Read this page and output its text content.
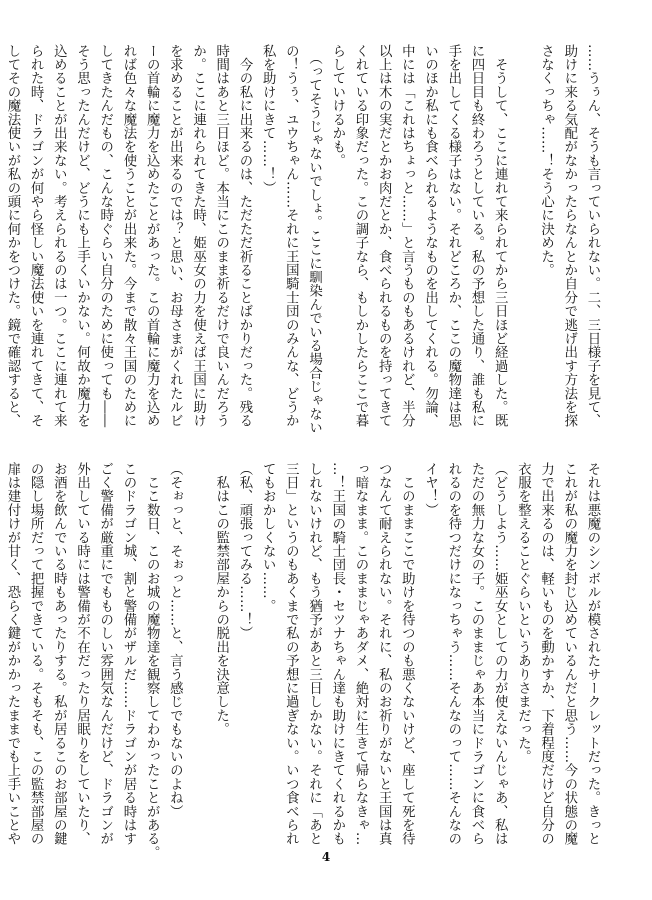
……うぅん、そうも言っていられない。二、三日様子を見て、
助けに来る気配がなかったらなんとか自分で逃げ出す方法を探
さなくっちゃ……！そう心に決めた。

　そうして、ここに連れて来られてから三日ほど経過した。既
に四日目も終わろうとしている。私の予想した通り、誰も私に
手を出してくる様子はない。それどころか、ここの魔物達は思
いのほか私にも食べられるようなものを出してくれる。勿論、
中には「これはちょっと……」と言うものもあるけれど、半分
以上は木の実だとかお肉だとか、食べられるものを持ってきて
くれている印象だった。この調子なら、もしかしたらここで暮
らしていけるかも。
　（ってそうじゃないでしょ。ここに馴染んでいる場合じゃない
の！うぅ、ユウちゃん……それに王国騎士団のみんな、どうか
私を助けにきて……！）
　今の私に出来るのは、ただただ祈ることばかりだった。残る
時間はあと三日ほど。本当にこのまま祈るだけで良いんだろう
か。ここに連れられてきた時、姫巫女の力を使えば王国に助け
を求めることが出来るのでは？と思い、お母さまがくれたルビ
ーの首輪に魔力を込めたことがあった。この首輪に魔力を込め
れば色々な魔法を使うことが出来た。今まで散々王国のために
してきたんだもの、こんな時ぐらい自分のために使っても――
そう思ったんだけど、どうにも上手くいかない。何故か魔力を
込めることが出来ない。考えられるのは一つ。ここに連れて来
られた時、ドラゴンが何やら怪しい魔法使いを連れてきて、そ
してその魔法使いが私の頭に何かをつけた。鏡で確認すると、
それは悪魔のシンボルが模されたサークレットだった。きっと
これが私の魔力を封じ込めているんだと思う……今の状態の魔
力で出来るのは、軽いものを動かすか、下着程度だけど自分の
衣服を整えることぐらいというありさまだった。
（どうしよう……姫巫女としての力が使えないんじゃあ、私は
ただの無力な女の子。このままじゃあ本当にドラゴンに食べら
れるのを待つだけになっちゃう……そんなのって……そんなの
イヤ！）
　このままここで助けを待つのも悪くないけど、座して死を待
つなんて耐えられない。それに、私のお祈りがないと王国は真
っ暗なまま。このままじゃあダメ、絶対に生きて帰らなきゃ…
…！王国の騎士団長・セツナちゃん達も助けにきてくれるかも
しれないけれど、もう猶予があと三日しかない。それに「あと
三日」というのもあくまで私の予想に過ぎない。いつ食べられ
てもおかしくない……。
（私、頑張ってみる……！）
　私はこの監禁部屋からの脱出を決意した。

（そぉっと、そぉっと……と、言う感じでもないのよね）
　ここ数日、このお城の魔物達を観察してわかったことがある。
このドラゴン城、割と警備がザルだ……ドラゴンが居る時はす
ごく警備が厳重にでもものしい雰囲気なんだけど、ドラゴンが
外出している時には警備が不在だったり居眠りをしていたり、
お酒を飲んでいる時もあったりする。私が居るこのお部屋の鍵
の隠し場所だって把握できている。そもそも、この監禁部屋の
扉は建付けが甘く、恐らく鍵がかかったままでも上手いことや
4
